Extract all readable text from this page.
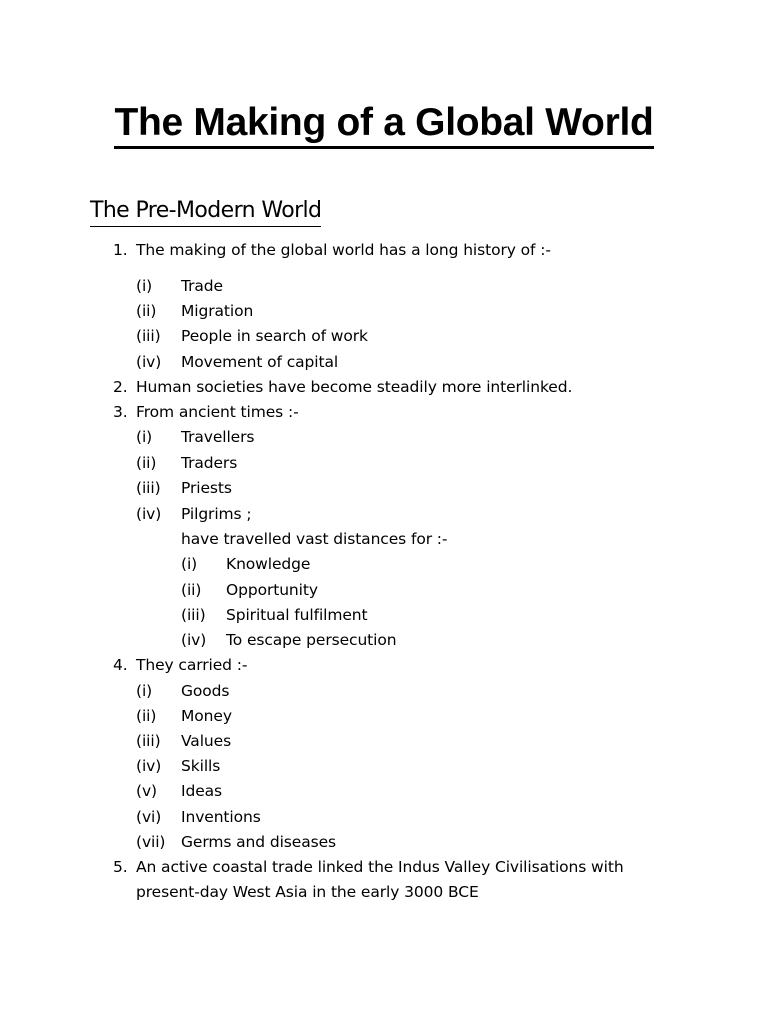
The Making of a Global World
The Pre-Modern World
1. The making of the global world has a long history of :-
(i) Trade
(ii) Migration
(iii) People in search of work
(iv) Movement of capital
2. Human societies have become steadily more interlinked.
3. From ancient times :-
(i) Travellers
(ii) Traders
(iii) Priests
(iv) Pilgrims ;
have travelled vast distances for :-
(i) Knowledge
(ii) Opportunity
(iii) Spiritual fulfilment
(iv) To escape persecution
4. They carried :-
(i) Goods
(ii) Money
(iii) Values
(iv) Skills
(v) Ideas
(vi) Inventions
(vii) Germs and diseases
5. An active coastal trade linked the Indus Valley Civilisations with
present-day West Asia in the early 3000 BCE
